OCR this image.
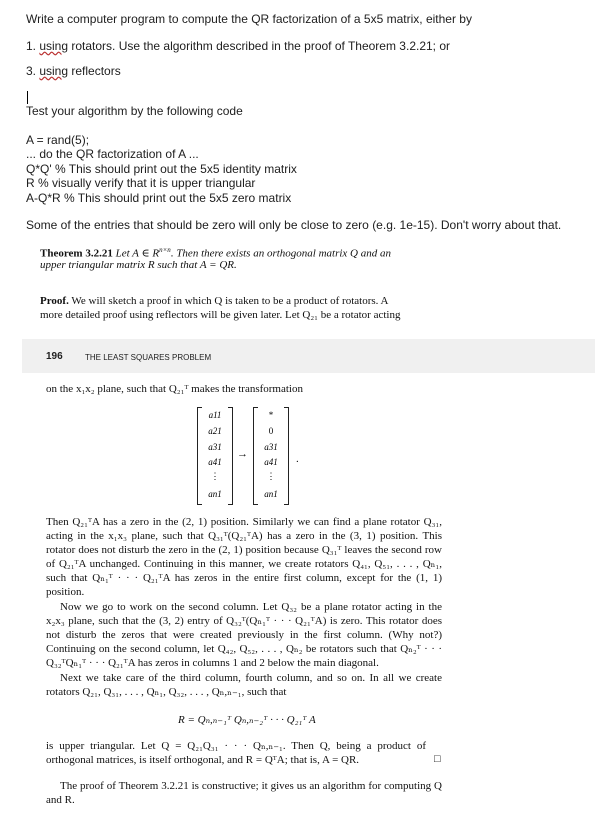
Write a computer program to compute the QR factorization of a 5x5 matrix, either by
1. using rotators. Use the algorithm described in the proof of Theorem 3.2.21; or
3. using reflectors
Test your algorithm by the following code
A = rand(5);
... do the QR factorization of A ...
Q*Q' % This should print out the 5x5 identity matrix
R % visually verify that it is upper triangular
A-Q*R % This should print out the 5x5 zero matrix
Some of the entries that should be zero will only be close to zero (e.g. 1e-15). Don't worry about that.
Theorem 3.2.21 Let A ∈ $R^{n\times n}$. Then there exists an orthogonal matrix Q and an
upper triangular matrix R such that A = QR.
Proof. We will sketch a proof in which Q is taken to be a product of rotators. A
more detailed proof using reflectors will be given later. Let Q₂₁ be a rotator acting
196	THE LEAST SQUARES PROBLEM
on the x₁x₂ plane, such that Q₂₁ᵀ makes the transformation
a11
a21
a31
a41
⋮
an1
→
*
0
a31
a41
⋮
an1
.
Then Q₂₁ᵀA has a zero in the (2, 1) position. Similarly we can find a plane rotator Q₃₁, acting in the x₁x₃ plane, such that Q₃₁ᵀ(Q₂₁ᵀA) has a zero in the (3, 1) position. This rotator does not disturb the zero in the (2, 1) position because Q₃₁ᵀ leaves the second row of Q₂₁ᵀA unchanged. Continuing in this manner, we create rotators Q₄₁, Q₅₁, . . . , Qₙ₁, such that Qₙ₁ᵀ · · · Q₂₁ᵀA has zeros in the entire first column, except for the (1, 1) position.
Now we go to work on the second column. Let Q₃₂ be a plane rotator acting in the x₂x₃ plane, such that the (3, 2) entry of Q₃₂ᵀ(Qₙ₁ᵀ · · · Q₂₁ᵀA) is zero. This rotator does not disturb the zeros that were created previously in the first column. (Why not?) Continuing on the second column, let Q₄₂, Q₅₂, . . . , Qₙ₂ be rotators such that Qₙ₂ᵀ · · · Q₃₂ᵀQₙ₁ᵀ · · · Q₂₁ᵀA has zeros in columns 1 and 2 below the main diagonal.
Next we take care of the third column, fourth column, and so on. In all we create rotators Q₂₁, Q₃₁, . . . , Qₙ₁, Q₃₂, . . . , Qₙ,ₙ₋₁, such that
R = Qₙ,ₙ₋₁ᵀ Qₙ,ₙ₋₂ᵀ · · · Q₂₁ᵀ A
is upper triangular. Let Q = Q₂₁Q₃₁ · · · Qₙ,ₙ₋₁. Then Q, being a product of orthogonal matrices, is itself orthogonal, and R = QᵀA; that is, A = QR.	□
The proof of Theorem 3.2.21 is constructive; it gives us an algorithm for computing Q and R.
